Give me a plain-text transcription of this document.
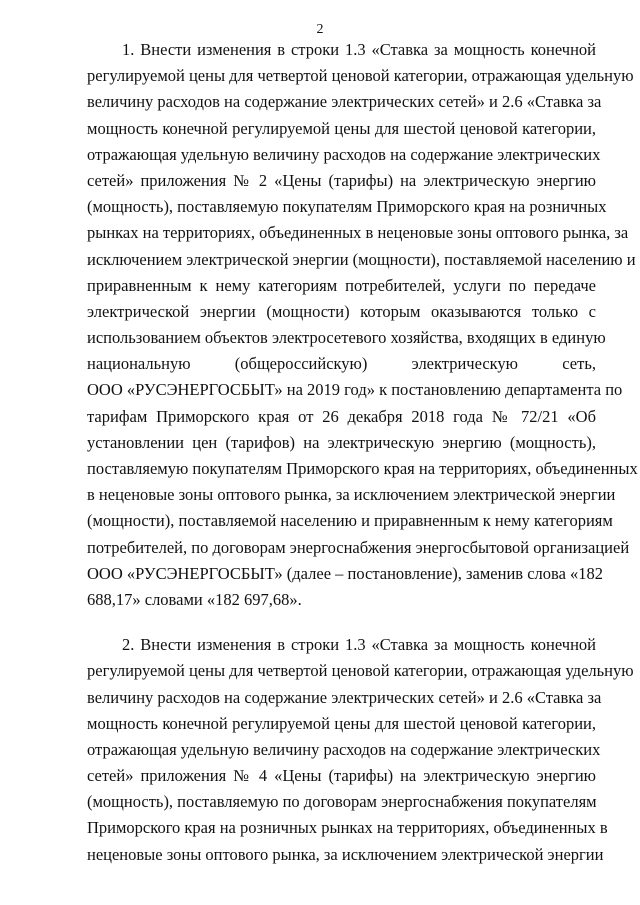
2
1. Внести изменения в строки 1.3 «Ставка за мощность конечной
регулируемой цены для четвертой ценовой категории, отражающая удельную
величину расходов на содержание электрических сетей» и 2.6 «Ставка за
мощность конечной регулируемой цены для шестой ценовой категории,
отражающая удельную величину расходов на содержание электрических
сетей» приложения № 2 «Цены (тарифы) на электрическую энергию
(мощность), поставляемую покупателям Приморского края на розничных
рынках на территориях, объединенных в неценовые зоны оптового рынка, за
исключением электрической энергии (мощности), поставляемой населению и
приравненным к нему категориям потребителей, услуги по передаче
электрической энергии (мощности) которым оказываются только с
использованием объектов электросетевого хозяйства, входящих в единую
национальную (общероссийскую) электрическую сеть,
ООО «РУСЭНЕРГОСБЫТ» на 2019 год» к постановлению департамента по
тарифам Приморского края от 26 декабря 2018 года № 72/21 «Об
установлении цен (тарифов) на электрическую энергию (мощность),
поставляемую покупателям Приморского края на территориях, объединенных
в неценовые зоны оптового рынка, за исключением электрической энергии
(мощности), поставляемой населению и приравненным к нему категориям
потребителей, по договорам энергоснабжения энергосбытовой организацией
ООО «РУСЭНЕРГОСБЫТ» (далее – постановление), заменив слова «182
688,17» словами «182 697,68».
2. Внести изменения в строки 1.3 «Ставка за мощность конечной
регулируемой цены для четвертой ценовой категории, отражающая удельную
величину расходов на содержание электрических сетей» и 2.6 «Ставка за
мощность конечной регулируемой цены для шестой ценовой категории,
отражающая удельную величину расходов на содержание электрических
сетей» приложения № 4 «Цены (тарифы) на электрическую энергию
(мощность), поставляемую по договорам энергоснабжения покупателям
Приморского края на розничных рынках на территориях, объединенных в
неценовые зоны оптового рынка, за исключением электрической энергии
